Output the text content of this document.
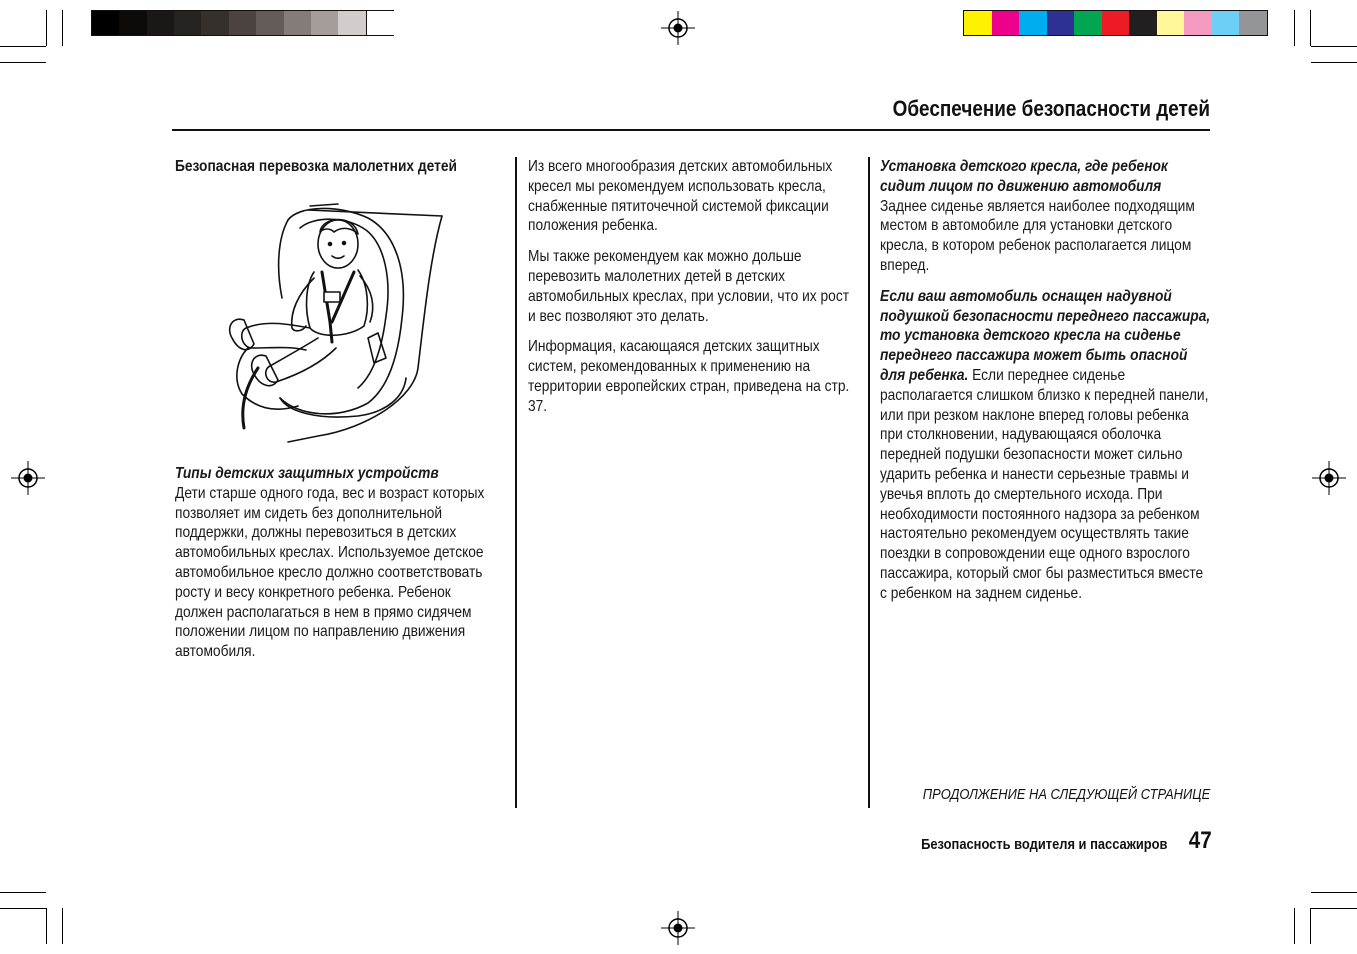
Обеспечение безопасности детей
Безопасная перевозка малолетних детей
Типы детских защитных устройств Дети старше одного года, вес и возраст которых позволяет им сидеть без дополнительной поддержки, должны перевозиться в детских автомобильных креслах. Используемое детское автомобильное кресло должно соответствовать росту и весу конкретного ребенка. Ребенок должен располагаться в нем в прямо сидячем положении лицом по направлению движения автомобиля.

Из всего многообразия детских автомобильных кресел мы рекомендуем использовать кресла, снабженные пятиточечной системой фиксации положения ребенка.

Мы также рекомендуем как можно дольше перевозить малолетних детей в детских автомобильных креслах, при условии, что их рост и вес позволяют это делать.

Информация, касающаяся детских защитных систем, рекомендованных к применению на территории европейских стран, приведена на стр. 37.

Установка детского кресла, где ребенок сидит лицом по движению автомобиля
Заднее сиденье является наиболее подходящим местом в автомобиле для установки детского кресла, в котором ребенок располагается лицом вперед.

Если ваш автомобиль оснащен надувной подушкой безопасности переднего пассажира, то установка детского кресла на сиденье переднего пассажира может быть опасной для ребенка. Если переднее сиденье располагается слишком близко к передней панели, или при резком наклоне вперед головы ребенка при столкновении, надувающаяся оболочка передней подушки безопасности может сильно ударить ребенка и нанести серьезные травмы и увечья вплоть до смертельного исхода. При необходимости постоянного надзора за ребенком настоятельно рекомендуем осуществлять такие поездки в сопровождении еще одного взрослого пассажира, который смог бы разместиться вместе с ребенком на заднем сиденье.

ПРОДОЛЖЕНИЕ НА СЛЕДУЮЩЕЙ СТРАНИЦЕ
Безопасность водителя и пассажиров 47
